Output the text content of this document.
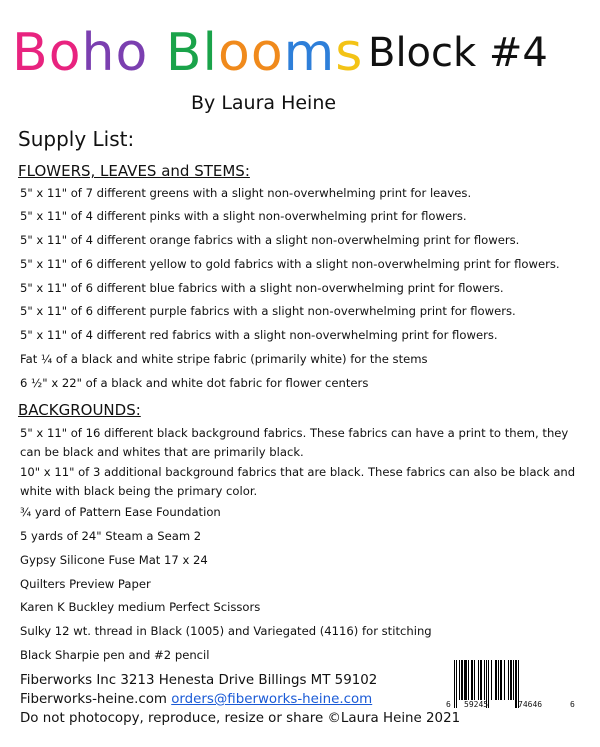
Boho Blooms Block #4
By Laura Heine
Supply List:
FLOWERS, LEAVES and STEMS:
5" x 11" of 7 different greens with a slight non-overwhelming print for leaves.
5" x 11" of 4 different pinks with a slight non-overwhelming print for flowers.
5" x 11" of 4 different orange fabrics with a slight non-overwhelming print for flowers.
5" x 11" of 6 different yellow to gold fabrics with a slight non-overwhelming print for flowers.
5" x 11" of 6 different blue fabrics with a slight non-overwhelming print for flowers.
5" x 11" of 6 different purple fabrics with a slight non-overwhelming print for flowers.
5" x 11" of 4 different red fabrics with a slight non-overwhelming print for flowers.
Fat ¼ of a black and white stripe fabric (primarily white) for the stems
6 ½" x 22" of a black and white dot fabric for flower centers
BACKGROUNDS:
5" x 11" of 16 different black background fabrics. These fabrics can have a print to them, they can be black and whites that are primarily black.
10" x 11" of 3 additional background fabrics that are black. These fabrics can also be black and white with black being the primary color.
¾ yard of Pattern Ease Foundation
5 yards of 24" Steam a Seam 2
Gypsy Silicone Fuse Mat 17 x 24
Quilters Preview Paper
Karen K Buckley medium Perfect Scissors
Sulky 12 wt. thread in Black (1005) and Variegated (4116) for stitching
Black Sharpie pen and #2 pencil
Fiberworks Inc 3213 Henesta Drive Billings MT 59102
Fiberworks-heine.com orders@fiberworks-heine.com
Do not photocopy, reproduce, resize or share ©Laura Heine 2021
6 59245	74646	6
